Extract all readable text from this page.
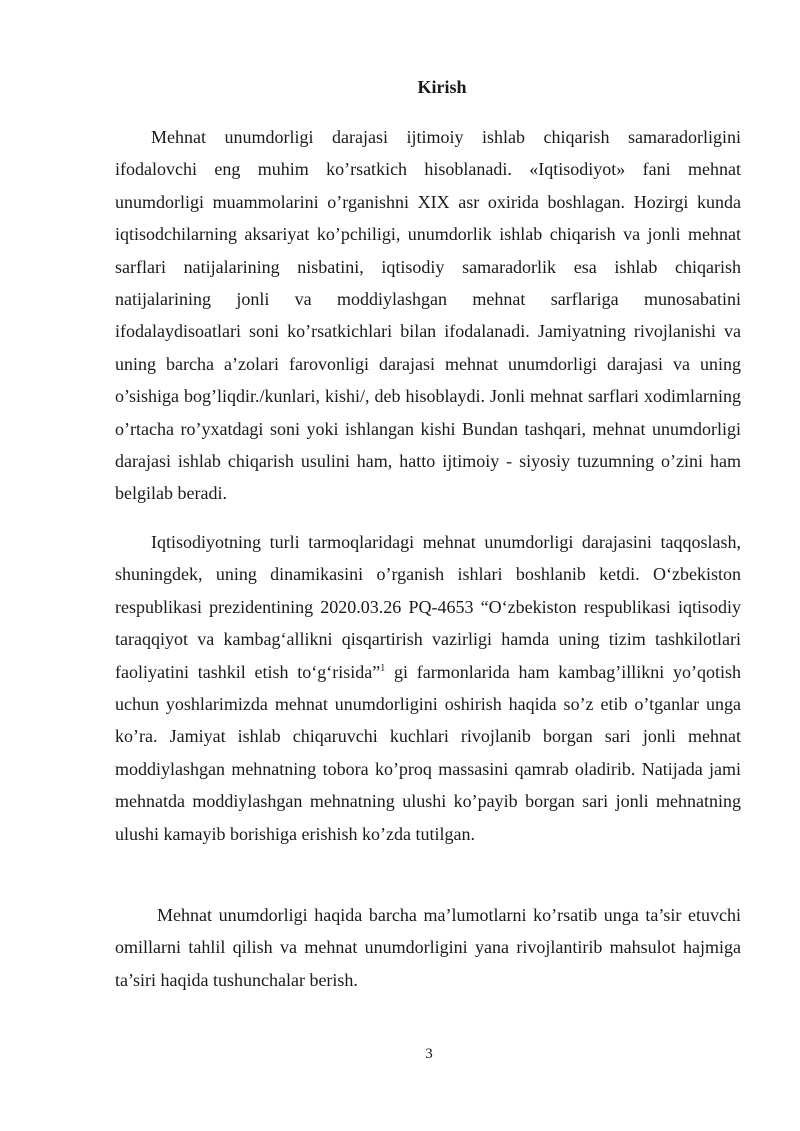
Kirish

Mehnat unumdorligi darajasi ijtimoiy ishlab chiqarish samaradorligini ifodalovchi eng muhim ko’rsatkich hisoblanadi. «Iqtisodiyot» fani mehnat unumdorligi muammolarini o’rganishni XIX asr oxirida boshlagan. Hozirgi kunda iqtisodchilarning aksariyat ko’pchiligi, unumdorlik ishlab chiqarish va jonli mehnat sarflari natijalarining nisbatini, iqtisodiy samaradorlik esa ishlab chiqarish natijalarining jonli va moddiylashgan mehnat sarflariga munosabatini ifodalaydisoatlari soni ko’rsatkichlari bilan ifodalanadi. Jamiyatning rivojlanishi va uning barcha a’zolari farovonligi darajasi mehnat unumdorligi darajasi va uning o’sishiga bog’liqdir./kunlari, kishi/, deb hisoblaydi. Jonli mehnat sarflari xodimlarning o’rtacha ro’yxatdagi soni yoki ishlangan kishi Bundan tashqari, mehnat unumdorligi darajasi ishlab chiqarish usulini ham, hatto ijtimoiy - siyosiy tuzumning o’zini ham belgilab beradi.

Iqtisodiyotning turli tarmoqlaridagi mehnat unumdorligi darajasini taqqoslash, shuningdek, uning dinamikasini o’rganish ishlari boshlanib ketdi. O‘zbekiston respublikasi prezidentining 2020.03.26 PQ-4653 “O‘zbekiston respublikasi iqtisodiy taraqqiyot va kambag‘allikni qisqartirish vazirligi hamda uning tizim tashkilotlari faoliyatini tashkil etish to‘g‘risida”$^1$ gi farmonlarida ham kambag’illikni yo’qotish uchun yoshlarimizda mehnat unumdorligini oshirish haqida so’z etib o’tganlar unga ko’ra. Jamiyat ishlab chiqaruvchi kuchlari rivojlanib borgan sari jonli mehnat moddiylashgan mehnatning tobora ko’proq massasini qamrab oladirib. Natijada jami mehnatda moddiylashgan mehnatning ulushi ko’payib borgan sari jonli mehnatning ulushi kamayib borishiga erishish ko’zda tutilgan.

Mehnat unumdorligi haqida barcha ma’lumotlarni ko’rsatib unga ta’sir etuvchi omillarni tahlil qilish va mehnat unumdorligini yana rivojlantirib mahsulot hajmiga ta’siri haqida tushunchalar berish.

3
